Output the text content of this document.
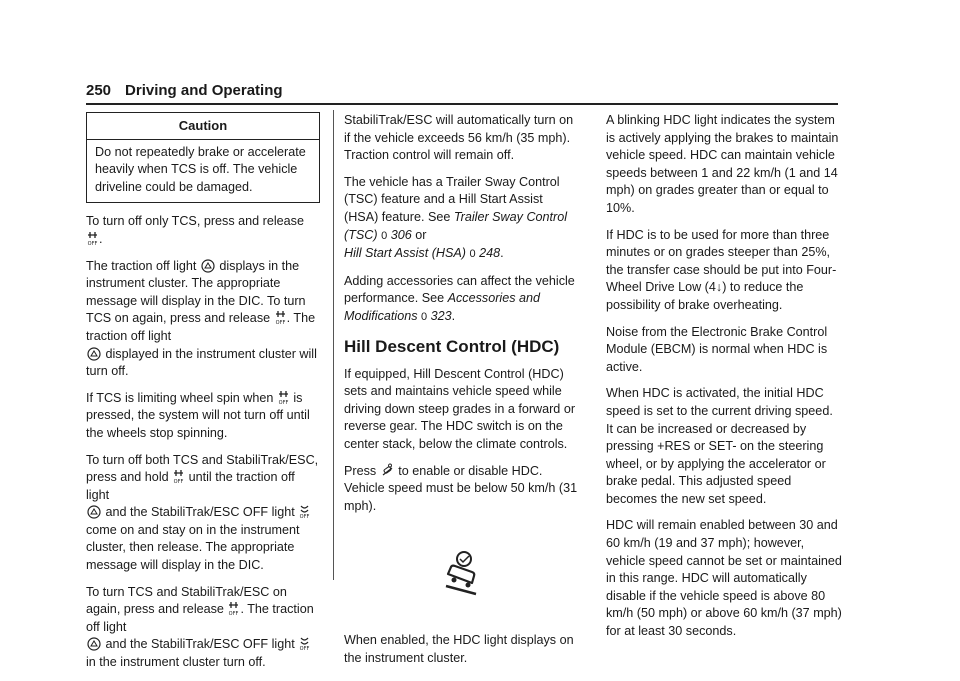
250 Driving and Operating
Caution
Do not repeatedly brake or accelerate heavily when TCS is off. The vehicle driveline could be damaged.

To turn off only TCS, press and release
OFF .

The traction off light displays in the instrument cluster. The appropriate message will display in the DIC. To turn TCS on again, press and release OFF . The traction off light
displayed in the instrument cluster will turn off.

If TCS is limiting wheel spin when OFF is pressed, the system will not turn off until the wheels stop spinning.

To turn off both TCS and StabiliTrak/ESC, press and hold OFF until the traction off light
and the StabiliTrak/ESC OFF light OFF
come on and stay on in the instrument cluster, then release. The appropriate message will display in the DIC.

To turn TCS and StabiliTrak/ESC on again, press and release OFF . The traction off light
and the StabiliTrak/ESC OFF light OFF
in the instrument cluster turn off.

StabiliTrak/ESC will automatically turn on if the vehicle exceeds 56 km/h (35 mph). Traction control will remain off.

The vehicle has a Trailer Sway Control (TSC) feature and a Hill Start Assist (HSA) feature. See Trailer Sway Control (TSC) 0 306 or
Hill Start Assist (HSA) 0 248.

Adding accessories can affect the vehicle performance. See Accessories and Modifications 0 323.

Hill Descent Control (HDC)

If equipped, Hill Descent Control (HDC) sets and maintains vehicle speed while driving down steep grades in a forward or reverse gear. The HDC switch is on the center stack, below the climate controls.

Press to enable or disable HDC. Vehicle speed must be below 50 km/h (31 mph).

When enabled, the HDC light displays on the instrument cluster.

A blinking HDC light indicates the system is actively applying the brakes to maintain vehicle speed. HDC can maintain vehicle speeds between 1 and 22 km/h (1 and 14 mph) on grades greater than or equal to 10%.

If HDC is to be used for more than three minutes or on grades steeper than 25%, the transfer case should be put into Four-Wheel Drive Low (4↓) to reduce the possibility of brake overheating.

Noise from the Electronic Brake Control Module (EBCM) is normal when HDC is active.

When HDC is activated, the initial HDC speed is set to the current driving speed. It can be increased or decreased by pressing +RES or SET- on the steering wheel, or by applying the accelerator or brake pedal. This adjusted speed becomes the new set speed.

HDC will remain enabled between 30 and 60 km/h (19 and 37 mph); however, vehicle speed cannot be set or maintained in this range. HDC will automatically disable if the vehicle speed is above 80 km/h (50 mph) or above 60 km/h (37 mph) for at least 30 seconds.
